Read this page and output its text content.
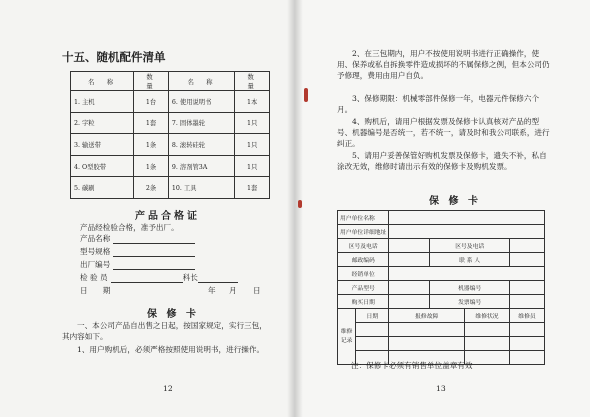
十五、随机配件清单
名　称	数　量	名　称	数　量
1. 主机	1台	6. 使用说明书	1本
2. 字粒	1套	7. 固体墨轮	1只
3. 输送带	1条	8. 滚转硅轮	1只
4. O型胶带	1条	9. 溶剂管3A	1只
5. 碳刷	2条	10. 工具	1套
产品合格证
产品经检验合格，准予出厂。
产品名称
型号规格
出厂编号
检 验 员	科长
日　　期	年 月 日
保 修 卡
一、本公司产品自出售之日起，按国家规定，实行三包，其内容如下。
1、用户购机后，必须严格按照使用说明书，进行操作。
12
2、在三包期内，用户不按使用说明书进行正确操作，使用、保养或私自拆换零件造成损坏的不属保修之例，但本公司仍予修理，费用由用户自负。
3、保修期限：机械零部件保修一年，电器元件保修六个月。
4、购机后，请用户根据发票及保修卡认真核对产品的型号、机器编号是否统一，若不统一，请及时和我公司联系，进行纠正。
5、请用户妥善保管好购机发票及保修卡，遗失不补，私自涂改无效，维修时请出示有效的保修卡及购机发票。
保 修 卡
用户单位名称					
用户单位详细地址					
区号及电话			区号及电话		
邮政编码			联 系 人		
经销单位					
产品型号			机器编号		
购买日期			发票编号		
维修记录	日期	报修故障		维修状况	维修员

注：保修卡必须有销售单位盖章有效
13
